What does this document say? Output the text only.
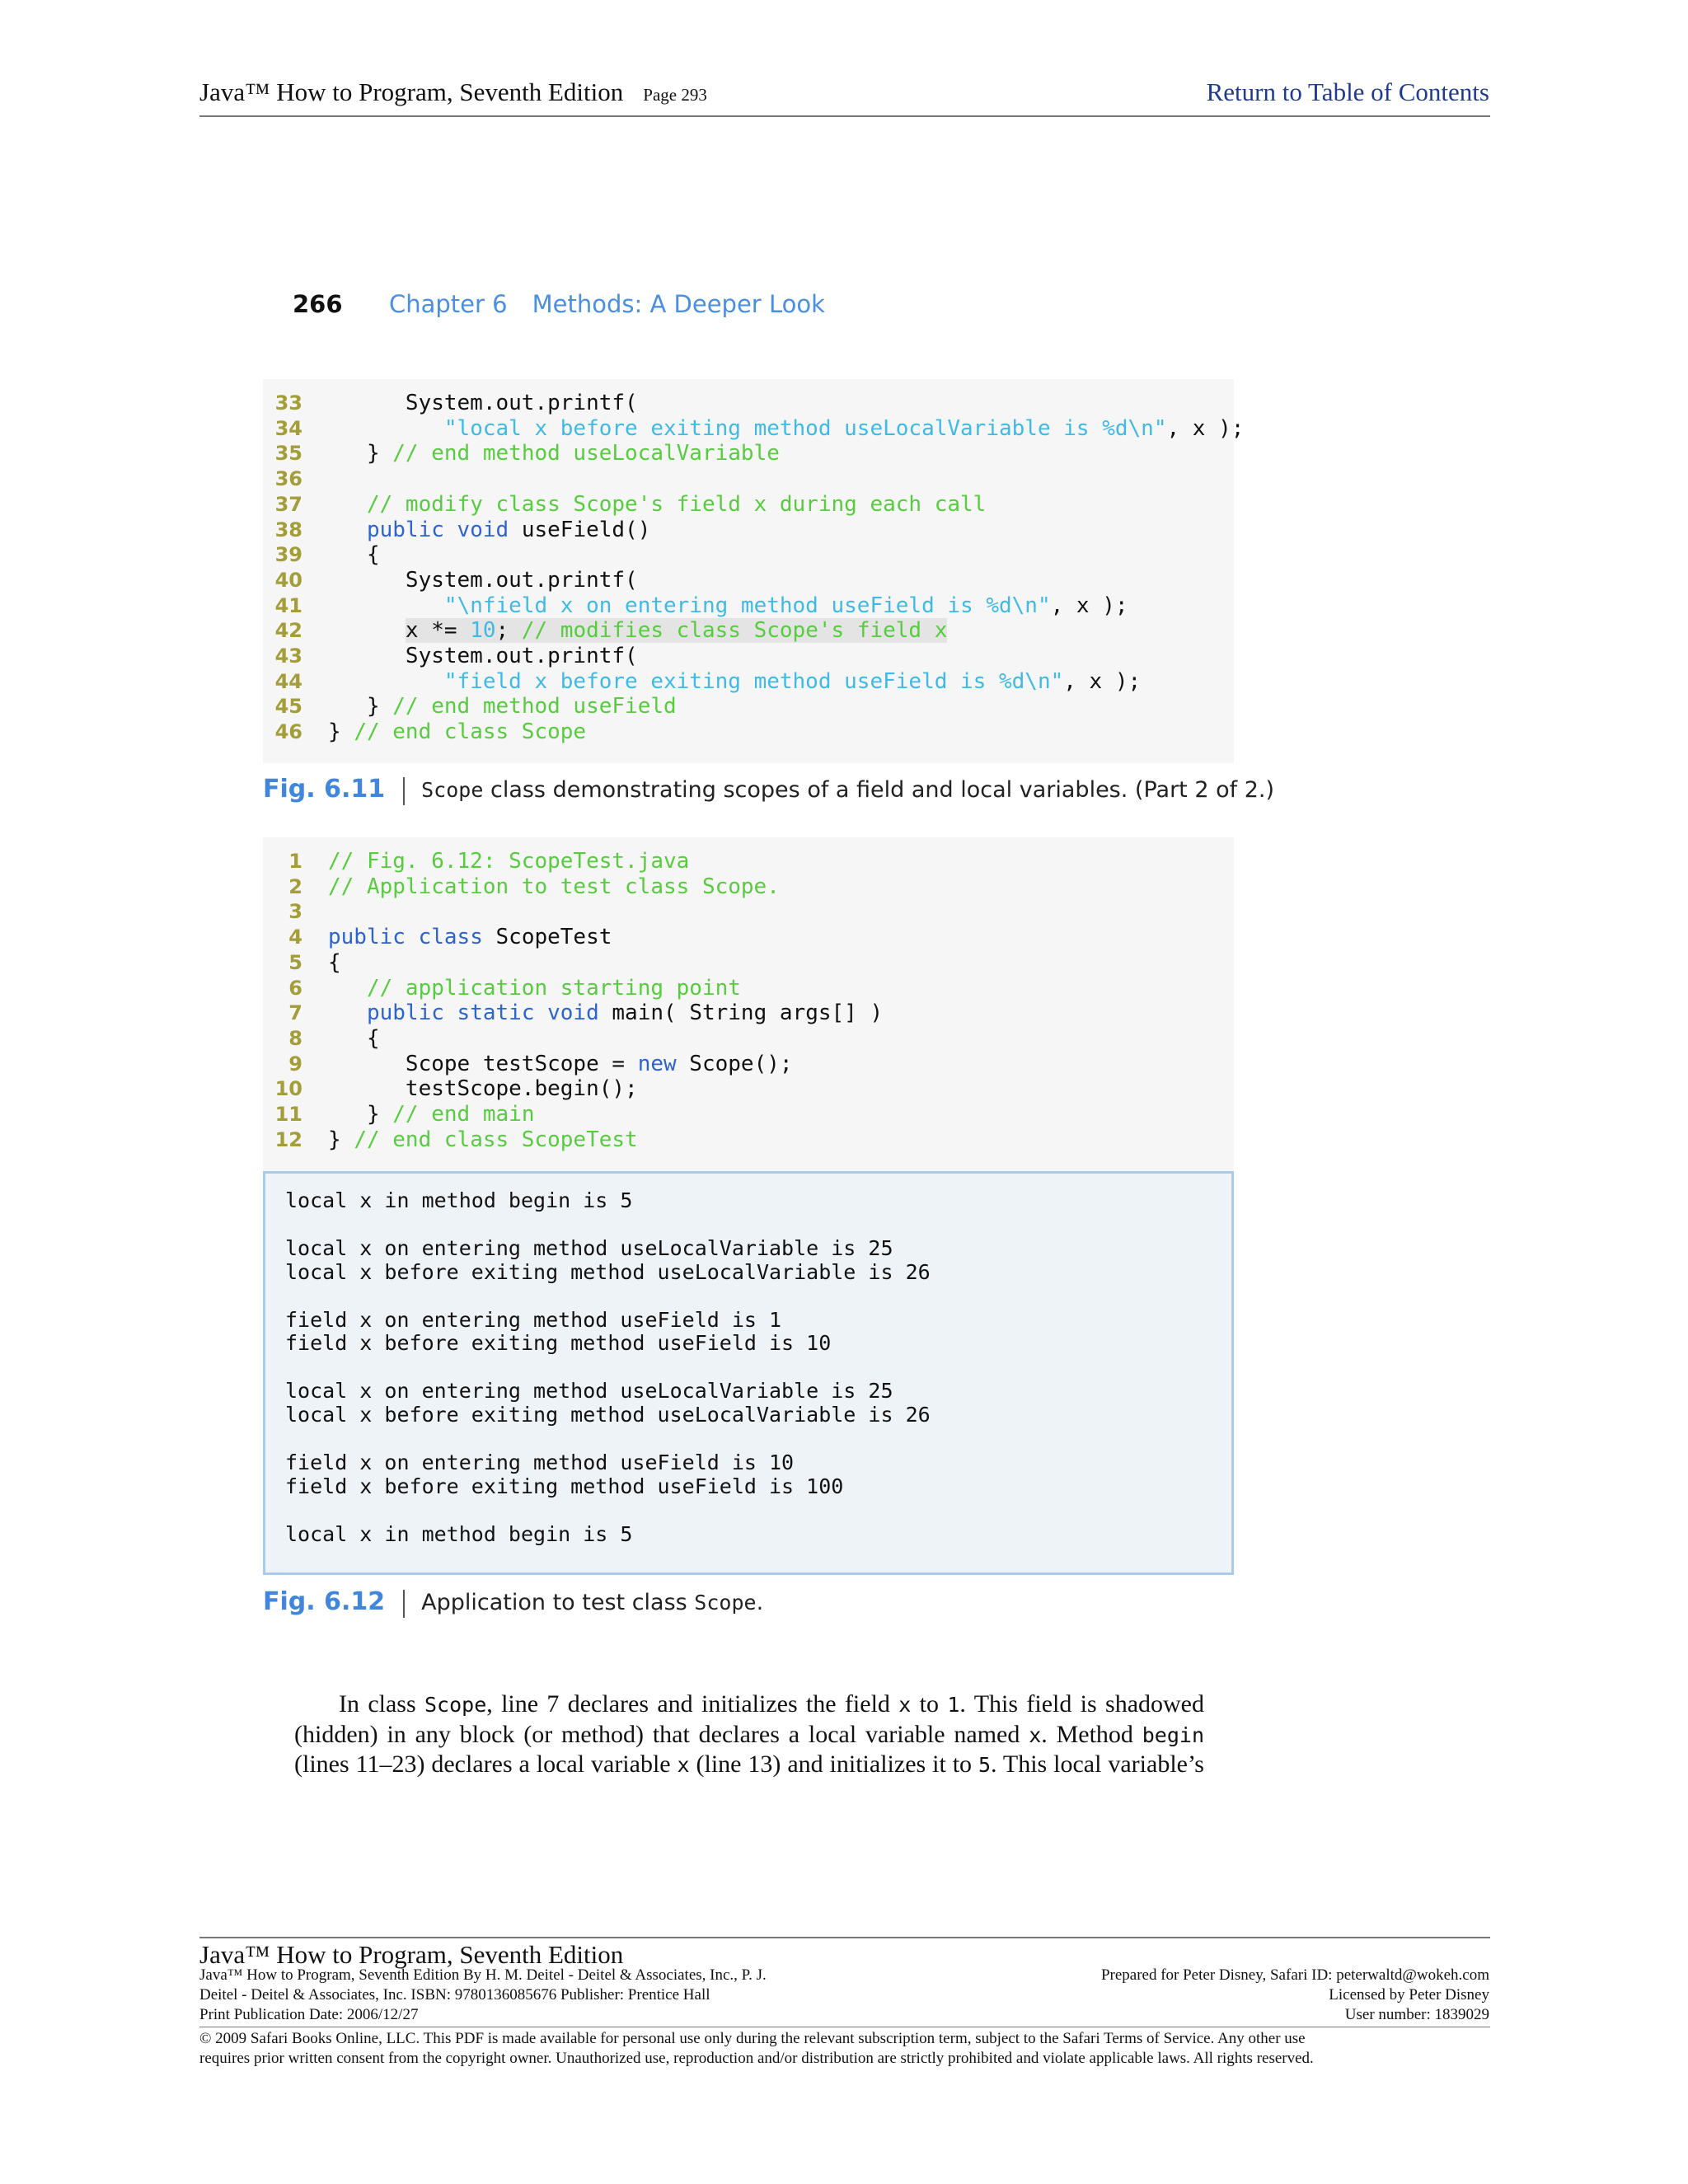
Java™ How to Program, Seventh Edition Page 293	Return to Table of Contents
266 Chapter 6 Methods: A Deeper Look
33      System.out.printf(
34	"local x before exiting method useLocalVariable is %d\n", x );
35   } // end method useLocalVariable
36
37	// modify class Scope's field x during each call
38	public void useField()
39   {
40      System.out.printf(
41	"\nfield x on entering method useField is %d\n", x );
42	x *= 10; // modifies class Scope's field x
43      System.out.printf(
44	"field x before exiting method useField is %d\n", x );
45   } // end method useField
46 } // end class Scope
Fig. 6.11 Scope class demonstrating scopes of a field and local variables. (Part 2 of 2.)
1 // Fig. 6.12: ScopeTest.java
2 // Application to test class Scope.
3
4 public class ScopeTest
5 {
6	// application starting point
7	public static void main( String args[] )
8   {
9      Scope testScope = new Scope();
10      testScope.begin();
11   } // end main
12 } // end class ScopeTest
local x in method begin is 5
local x on entering method useLocalVariable is 25
local x before exiting method useLocalVariable is 26
field x on entering method useField is 1
field x before exiting method useField is 10
local x on entering method useLocalVariable is 25
local x before exiting method useLocalVariable is 26
field x on entering method useField is 10
field x before exiting method useField is 100
local x in method begin is 5
Fig. 6.12 Application to test class Scope.
In class Scope, line 7 declares and initializes the field x to 1. This field is shadowed
(hidden) in any block (or method) that declares a local variable named x. Method begin
(lines 11–23) declares a local variable x (line 13) and initializes it to 5. This local variable’s
Java™ How to Program, Seventh Edition
Java™ How to Program, Seventh Edition By H. M. Deitel - Deitel & Associates, Inc., P. J.
Deitel - Deitel & Associates, Inc. ISBN: 9780136085676 Publisher: Prentice Hall
Print Publication Date: 2006/12/27
Prepared for Peter Disney, Safari ID: peterwaltd@wokeh.com
Licensed by Peter Disney
User number: 1839029
© 2009 Safari Books Online, LLC. This PDF is made available for personal use only during the relevant subscription term, subject to the Safari Terms of Service. Any other use
requires prior written consent from the copyright owner. Unauthorized use, reproduction and/or distribution are strictly prohibited and violate applicable laws. All rights reserved.
